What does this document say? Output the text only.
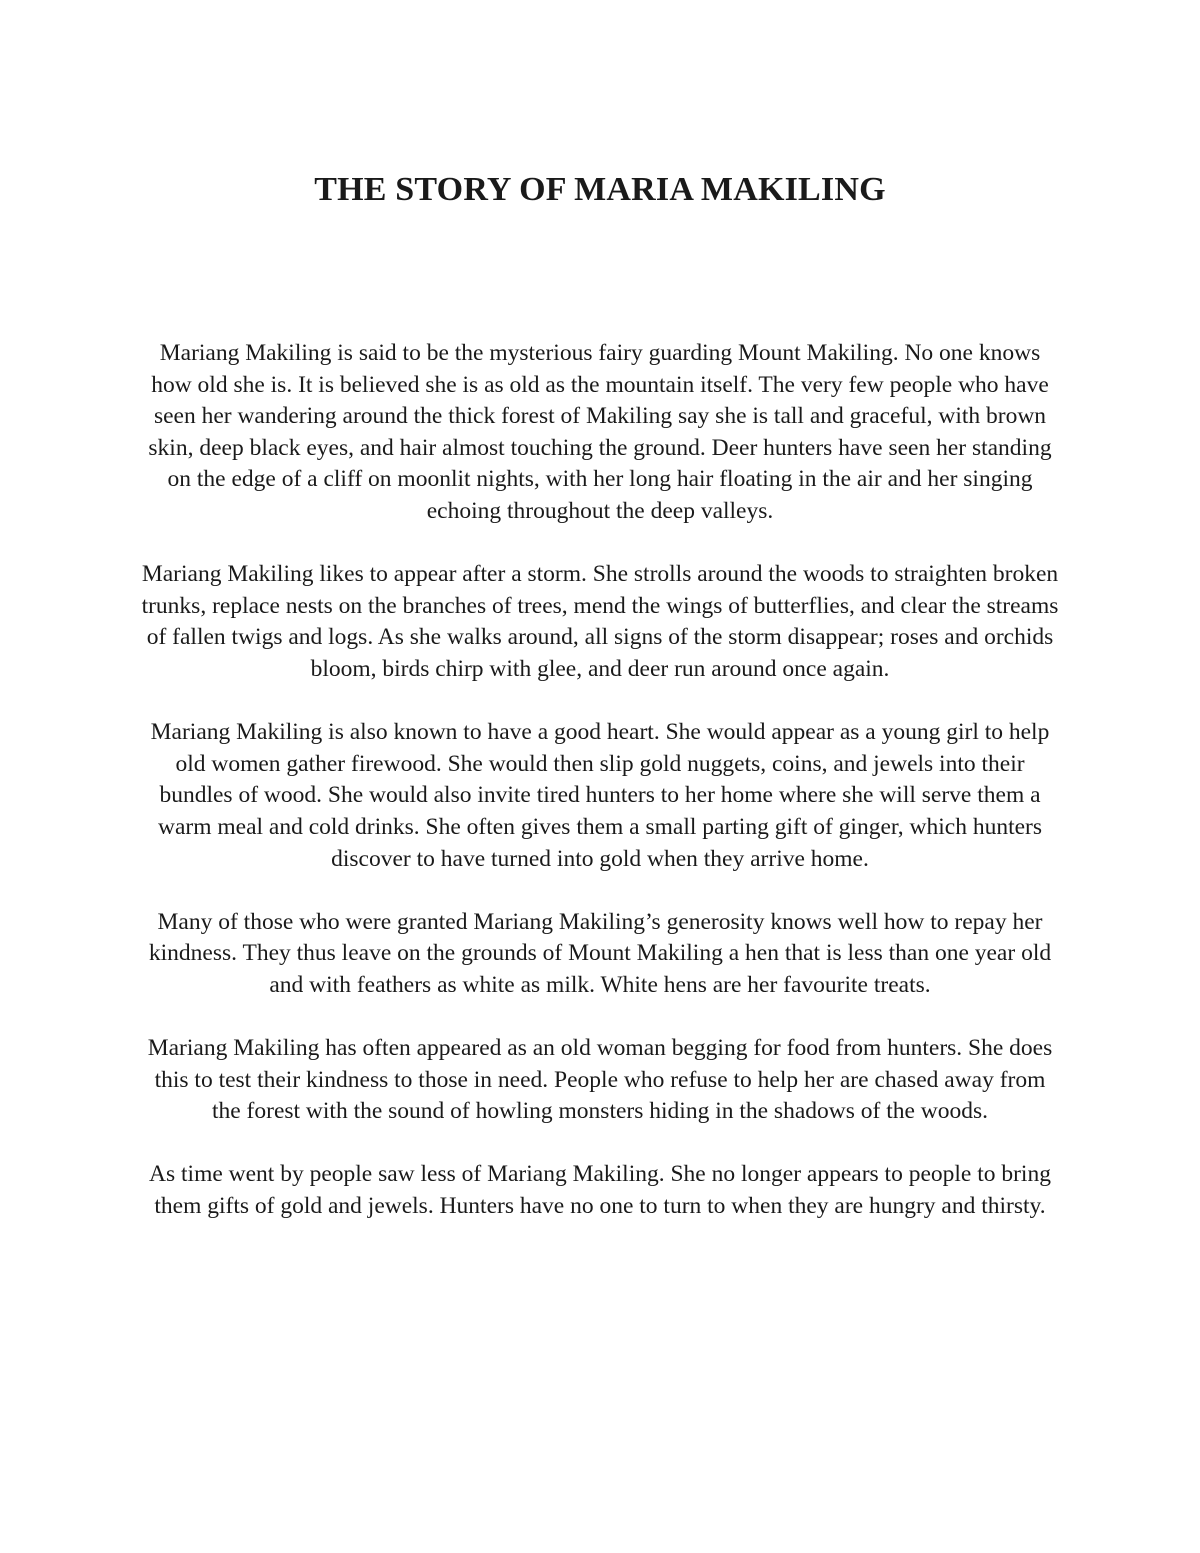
THE STORY OF MARIA MAKILING

Mariang Makiling is said to be the mysterious fairy guarding Mount Makiling. No one knows how old she is. It is believed she is as old as the mountain itself. The very few people who have seen her wandering around the thick forest of Makiling say she is tall and graceful, with brown skin, deep black eyes, and hair almost touching the ground. Deer hunters have seen her standing on the edge of a cliff on moonlit nights, with her long hair floating in the air and her singing echoing throughout the deep valleys.

Mariang Makiling likes to appear after a storm. She strolls around the woods to straighten broken trunks, replace nests on the branches of trees, mend the wings of butterflies, and clear the streams of fallen twigs and logs. As she walks around, all signs of the storm disappear; roses and orchids bloom, birds chirp with glee, and deer run around once again.

Mariang Makiling is also known to have a good heart. She would appear as a young girl to help old women gather firewood. She would then slip gold nuggets, coins, and jewels into their bundles of wood. She would also invite tired hunters to her home where she will serve them a warm meal and cold drinks. She often gives them a small parting gift of ginger, which hunters discover to have turned into gold when they arrive home.

Many of those who were granted Mariang Makiling’s generosity knows well how to repay her kindness. They thus leave on the grounds of Mount Makiling a hen that is less than one year old and with feathers as white as milk. White hens are her favourite treats.

Mariang Makiling has often appeared as an old woman begging for food from hunters. She does this to test their kindness to those in need. People who refuse to help her are chased away from the forest with the sound of howling monsters hiding in the shadows of the woods.

As time went by people saw less of Mariang Makiling. She no longer appears to people to bring them gifts of gold and jewels. Hunters have no one to turn to when they are hungry and thirsty.
